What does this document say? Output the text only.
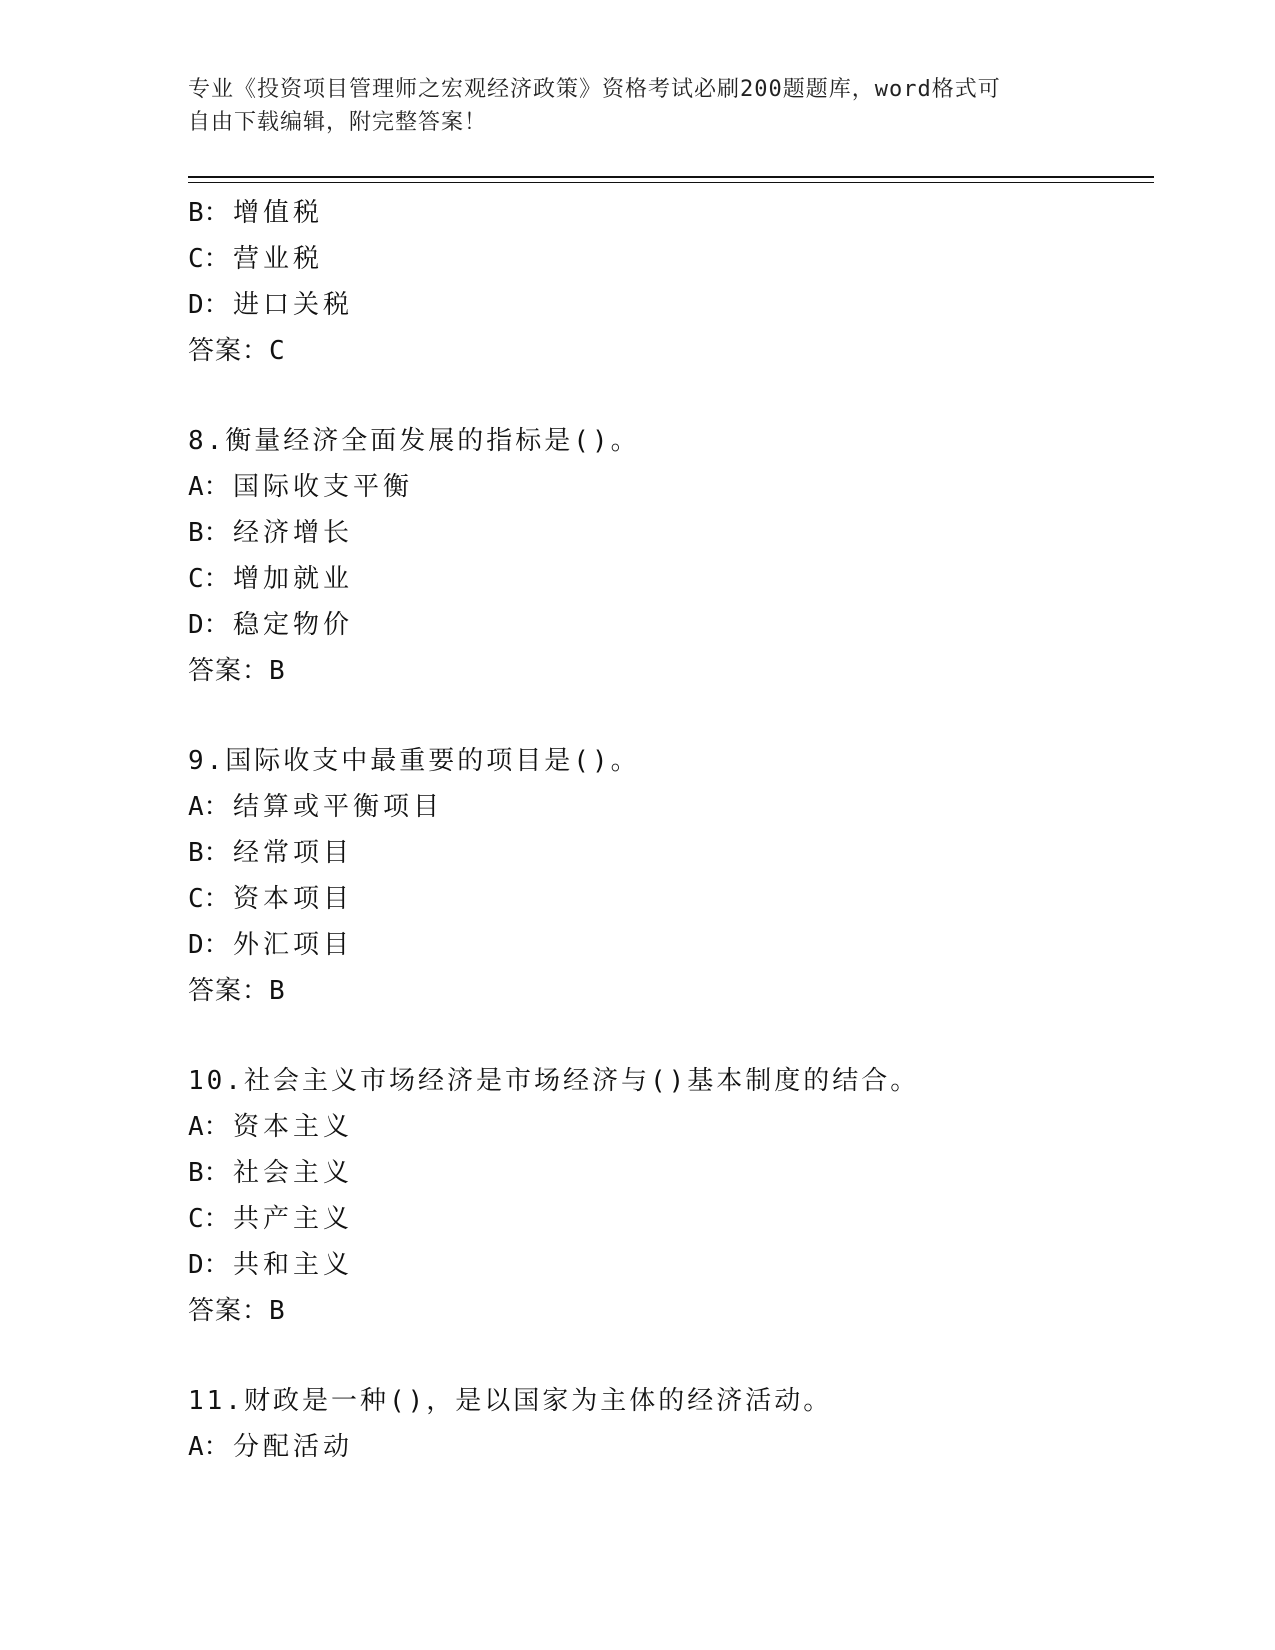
专业《投资项目管理师之宏观经济政策》资格考试必刷200题题库，word格式可
自由下载编辑，附完整答案！
B： 增值税
C： 营业税
D： 进口关税
答案：C
8.衡量经济全面发展的指标是()。
A： 国际收支平衡
B： 经济增长
C： 增加就业
D： 稳定物价
答案：B
9.国际收支中最重要的项目是()。
A： 结算或平衡项目
B： 经常项目
C： 资本项目
D： 外汇项目
答案：B
10.社会主义市场经济是市场经济与()基本制度的结合。
A： 资本主义
B： 社会主义
C： 共产主义
D： 共和主义
答案：B
11.财政是一种()，是以国家为主体的经济活动。
A： 分配活动
